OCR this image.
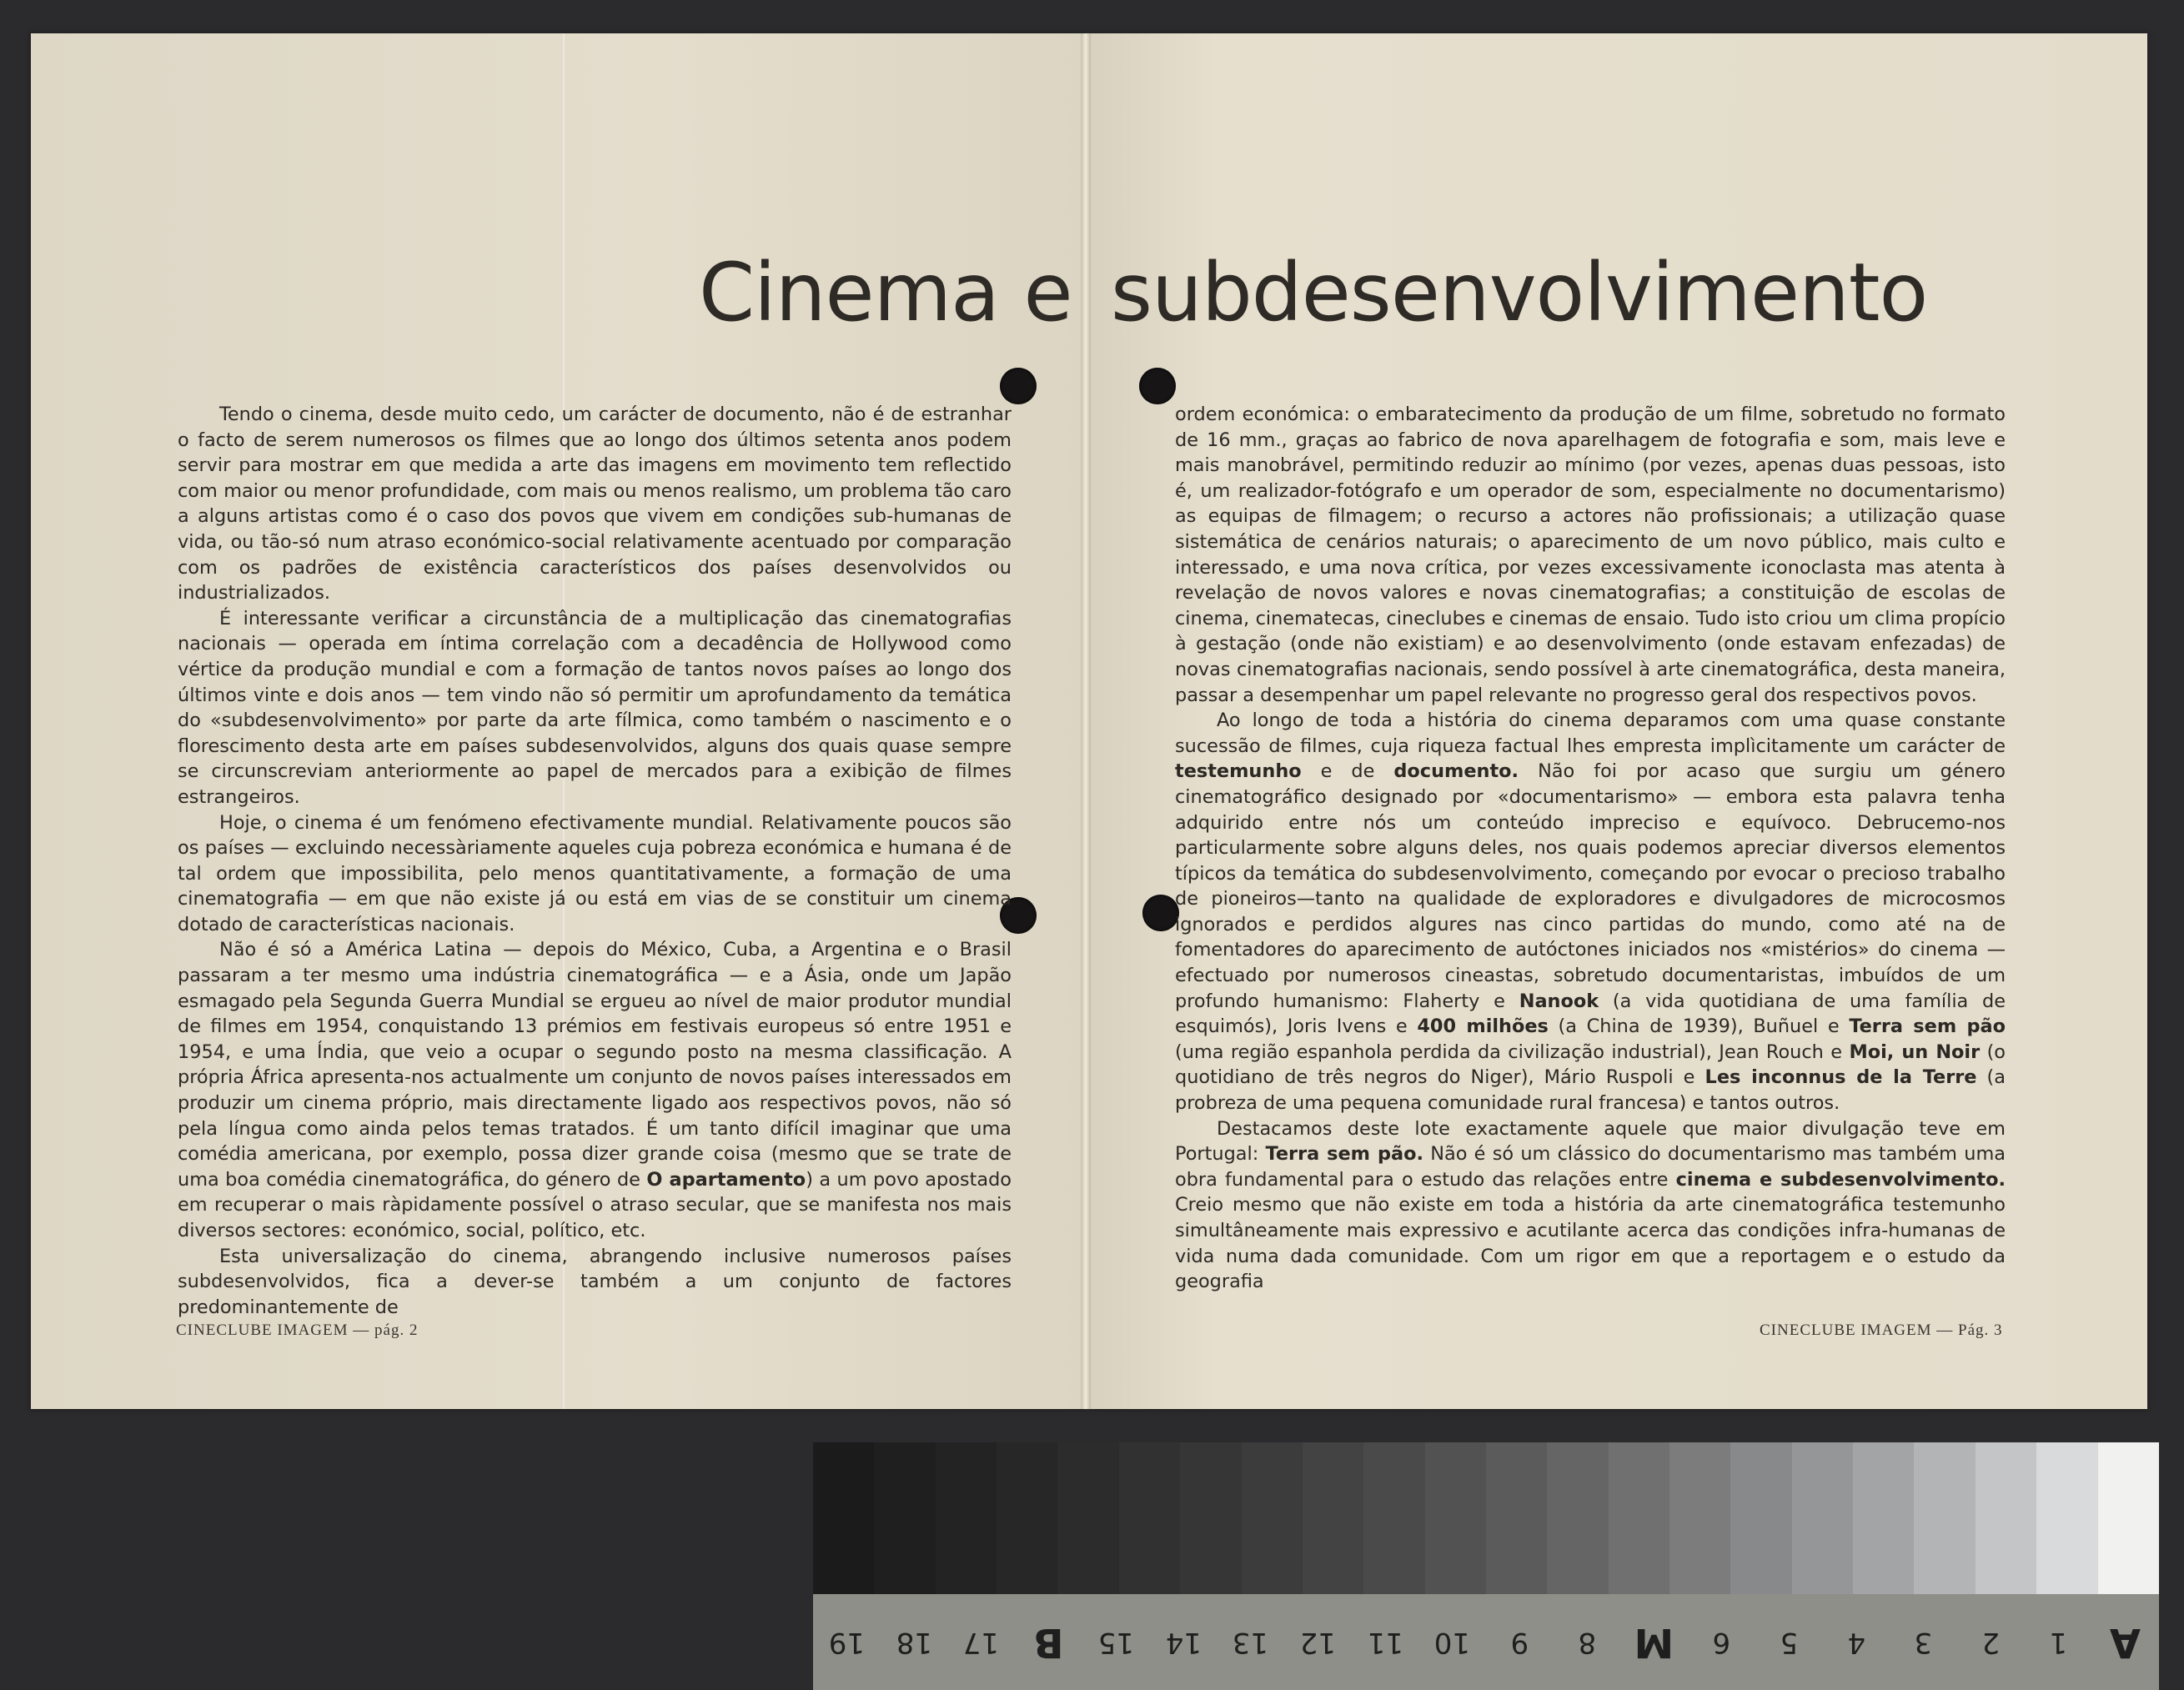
Cinema e subdesenvolvimento

Tendo o cinema, desde muito cedo, um carácter de documento, não é de estranhar o facto de serem numerosos os filmes que ao longo dos últimos setenta anos podem servir para mostrar em que medida a arte das imagens em movimento tem reflectido com maior ou menor profundidade, com mais ou menos realismo, um problema tão caro a alguns artistas como é o caso dos povos que vivem em condições sub-humanas de vida, ou tão-só num atraso económico-social relativamente acentuado por comparação com os padrões de existência característicos dos países desenvolvidos ou industrializados.

É interessante verificar a circunstância de a multiplicação das cinematografias nacionais — operada em íntima correlação com a decadência de Hollywood como vértice da produção mundial e com a formação de tantos novos países ao longo dos últimos vinte e dois anos — tem vindo não só permitir um aprofundamento da temática do «subdesenvolvimento» por parte da arte fílmica, como também o nascimento e o florescimento desta arte em países subdesenvolvidos, alguns dos quais quase sempre se circunscreviam anteriormente ao papel de mercados para a exibição de filmes estrangeiros.

Hoje, o cinema é um fenómeno efectivamente mundial. Relativamente poucos são os países — excluindo necessàriamente aqueles cuja pobreza económica e humana é de tal ordem que impossibilita, pelo menos quantitativamente, a formação de uma cinematografia — em que não existe já ou está em vias de se constituir um cinema dotado de características nacionais.

Não é só a América Latina — depois do México, Cuba, a Argentina e o Brasil passaram a ter mesmo uma indústria cinematográfica — e a Ásia, onde um Japão esmagado pela Segunda Guerra Mundial se ergueu ao nível de maior produtor mundial de filmes em 1954, conquistando 13 prémios em festivais europeus só entre 1951 e 1954, e uma Índia, que veio a ocupar o segundo posto na mesma classificação. A própria África apresenta-nos actualmente um conjunto de novos países interessados em produzir um cinema próprio, mais directamente ligado aos respectivos povos, não só pela língua como ainda pelos temas tratados. É um tanto difícil imaginar que uma comédia americana, por exemplo, possa dizer grande coisa (mesmo que se trate de uma boa comédia cinematográfica, do género de O apartamento) a um povo apostado em recuperar o mais ràpidamente possível o atraso secular, que se manifesta nos mais diversos sectores: económico, social, político, etc.

Esta universalização do cinema, abrangendo inclusive numerosos países subdesenvolvidos, fica a dever-se também a um conjunto de factores predominantemente de

ordem económica: o embaratecimento da produção de um filme, sobretudo no formato de 16 mm., graças ao fabrico de nova aparelhagem de fotografia e som, mais leve e mais manobrável, permitindo reduzir ao mínimo (por vezes, apenas duas pessoas, isto é, um realizador-fotógrafo e um operador de som, especialmente no documentarismo) as equipas de filmagem; o recurso a actores não profissionais; a utilização quase sistemática de cenários naturais; o aparecimento de um novo público, mais culto e interessado, e uma nova crítica, por vezes excessivamente iconoclasta mas atenta à revelação de novos valores e novas cinematografias; a constituição de escolas de cinema, cinematecas, cineclubes e cinemas de ensaio. Tudo isto criou um clima propício à gestação (onde não existiam) e ao desenvolvimento (onde estavam enfezadas) de novas cinematografias nacionais, sendo possível à arte cinematográfica, desta maneira, passar a desempenhar um papel relevante no progresso geral dos respectivos povos.

Ao longo de toda a história do cinema deparamos com uma quase constante sucessão de filmes, cuja riqueza factual lhes empresta implìcitamente um carácter de testemunho e de documento. Não foi por acaso que surgiu um género cinematográfico designado por «documentarismo» — embora esta palavra tenha adquirido entre nós um conteúdo impreciso e equívoco. Debrucemo-nos particularmente sobre alguns deles, nos quais podemos apreciar diversos elementos típicos da temática do subdesenvolvimento, começando por evocar o precioso trabalho de pioneiros—tanto na qualidade de exploradores e divulgadores de microcosmos ignorados e perdidos algures nas cinco partidas do mundo, como até na de fomentadores do aparecimento de autóctones iniciados nos «mistérios» do cinema — efectuado por numerosos cineastas, sobretudo documentaristas, imbuídos de um profundo humanismo: Flaherty e Nanook (a vida quotidiana de uma família de esquimós), Joris Ivens e 400 milhões (a China de 1939), Buñuel e Terra sem pão (uma região espanhola perdida da civilização industrial), Jean Rouch e Moi, un Noir (o quotidiano de três negros do Niger), Mário Ruspoli e Les inconnus de la Terre (a probreza de uma pequena comunidade rural francesa) e tantos outros.

Destacamos deste lote exactamente aquele que maior divulgação teve em Portugal: Terra sem pão. Não é só um clássico do documentarismo mas também uma obra fundamental para o estudo das relações entre cinema e subdesenvolvimento. Creio mesmo que não existe em toda a história da arte cinematográfica testemunho simultâneamente mais expressivo e acutilante acerca das condições infra-humanas de vida numa dada comunidade. Com um rigor em que a reportagem e o estudo da geografia

CINECLUBE IMAGEM — pág. 2	CINECLUBE IMAGEM — Pág. 3
19	18	17 B	15	14	13	12	11	10	9	8 M	6	5	4	3	2	1	A
